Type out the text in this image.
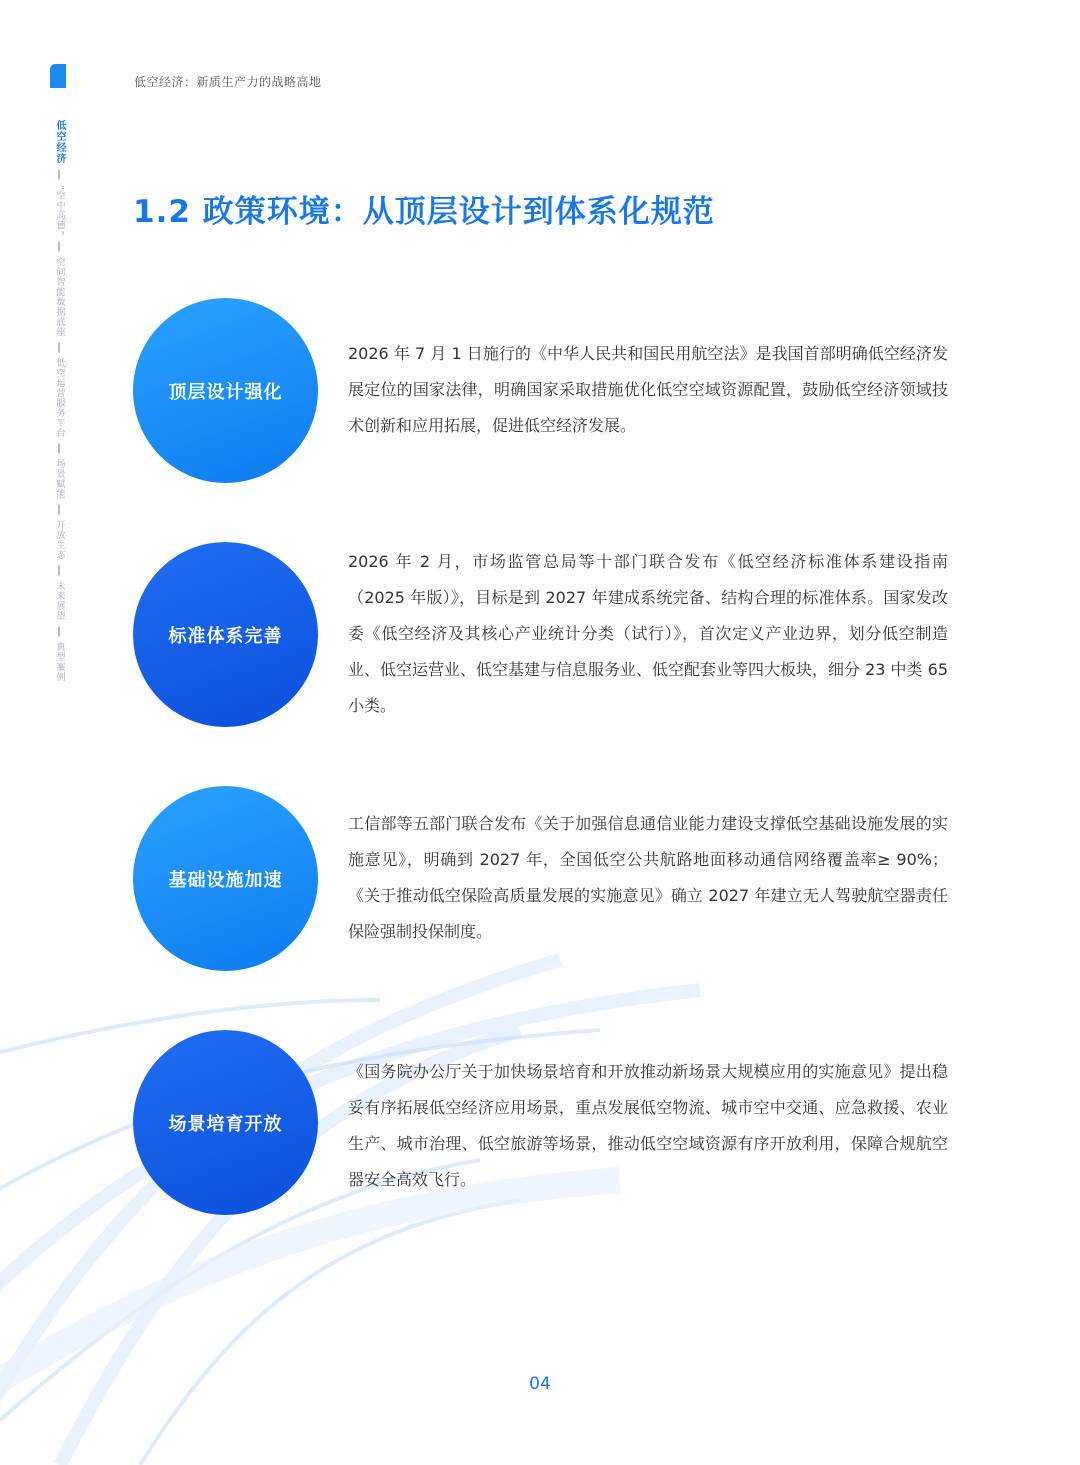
低空经济：新质生产力的战略高地
低空经济
“空中高德”
空间智能数据底座
低空运营服务平台
场景赋能
开放生态
未来展望
典型案例
1.2 政策环境：从顶层设计到体系化规范
顶层设计强化

2026 年 7 月 1 日施行的《中华人民共和国民用航空法》是我国首部明确低空经济发展定位的国家法律，明确国家采取措施优化低空空域资源配置，鼓励低空经济领域技术创新和应用拓展，促进低空经济发展。

标准体系完善

2026 年 2 月，市场监管总局等十部门联合发布《低空经济标准体系建设指南（2025 年版）》，目标是到 2027 年建成系统完备、结构合理的标准体系。国家发改委《低空经济及其核心产业统计分类（试行）》，首次定义产业边界，划分低空制造业、低空运营业、低空基建与信息服务业、低空配套业等四大板块，细分 23 中类 65 小类。

基础设施加速

工信部等五部门联合发布《关于加强信息通信业能力建设支撑低空基础设施发展的实施意见》，明确到 2027 年，全国低空公共航路地面移动通信网络覆盖率≥ 90%；《关于推动低空保险高质量发展的实施意见》确立 2027 年建立无人驾驶航空器责任保险强制投保制度。

场景培育开放

《国务院办公厅关于加快场景培育和开放推动新场景大规模应用的实施意见》提出稳妥有序拓展低空经济应用场景，重点发展低空物流、城市空中交通、应急救援、农业生产、城市治理、低空旅游等场景，推动低空空域资源有序开放利用，保障合规航空器安全高效飞行。

04
